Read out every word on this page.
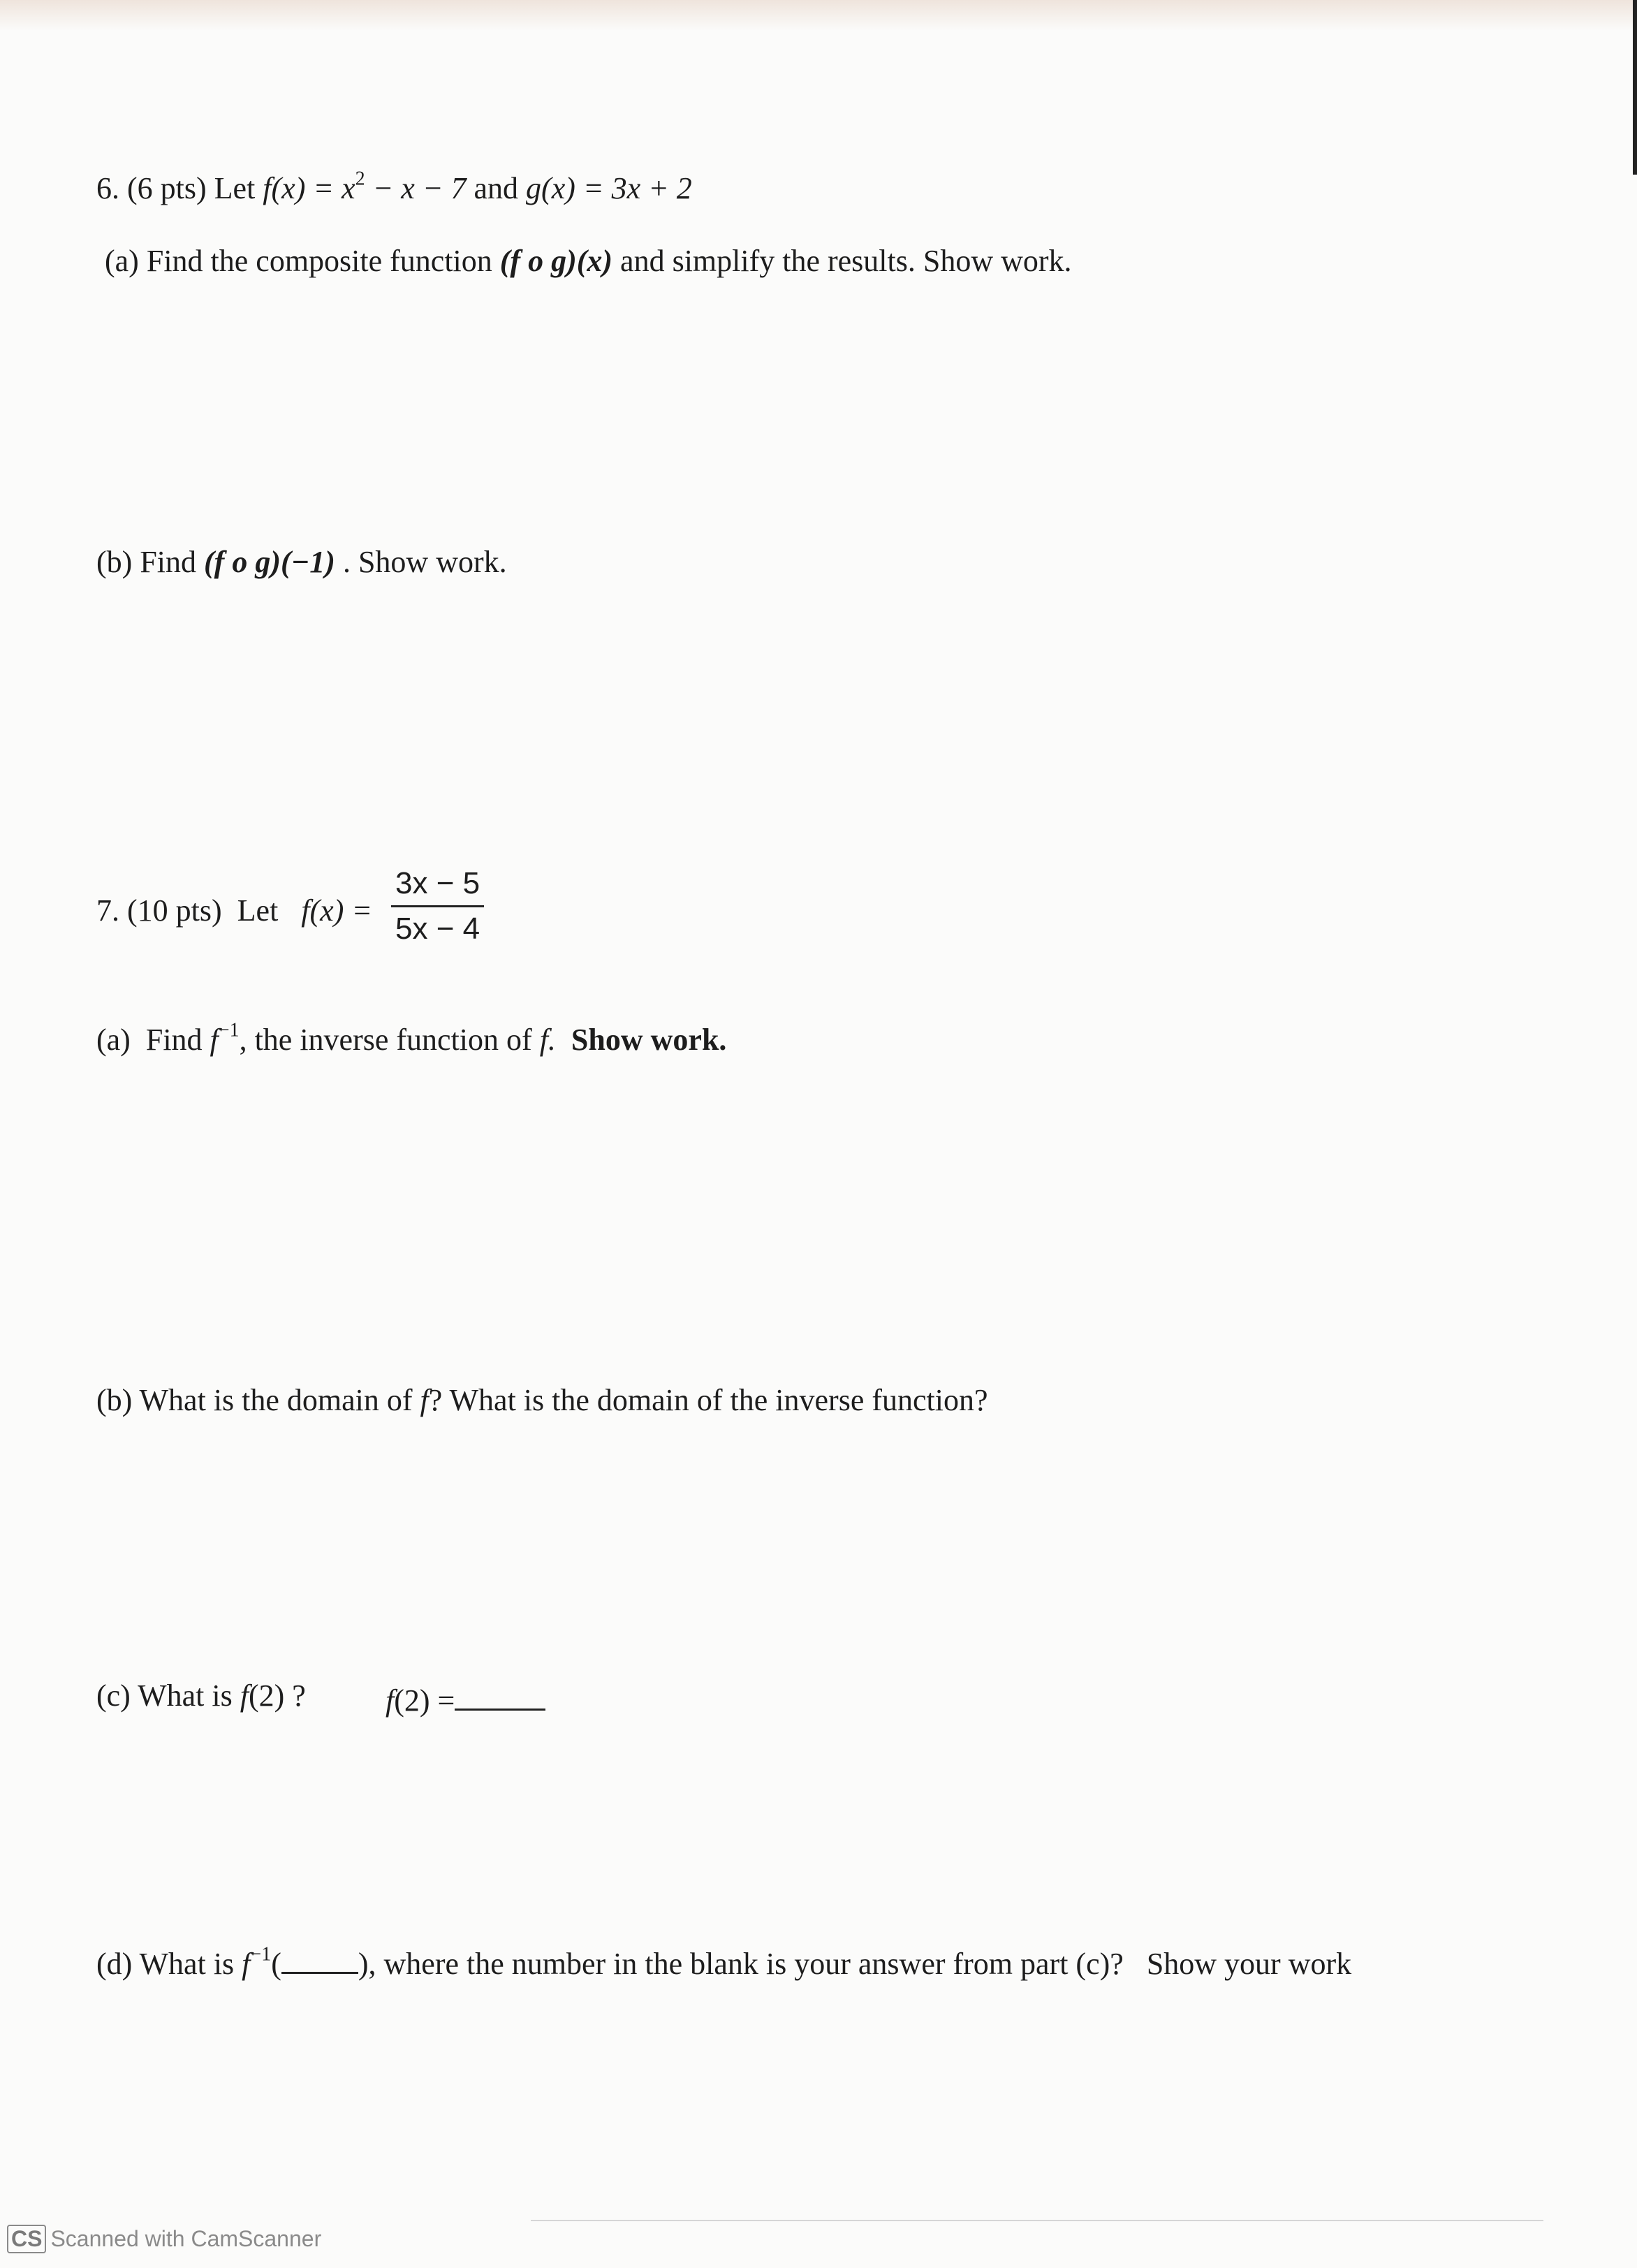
6. (6 pts) Let $f(x) = x^2 - x - 7$ and g(x) = 3x + 2
(a) Find the composite function (f o g)(x) and simplify the results. Show work.
(b) Find (f o g)(−1) . Show work.
7. (10 pts) Let $f(x) = \frac{3x - 5}{5x - 4}$
(a) Find $f^{-1}$, the inverse function of f. Show work.
(b) What is the domain of f? What is the domain of the inverse function?
(c) What is f(2) ?	f(2) =
(d) What is $f^{-1}$(	), where the number in the blank is your answer from part (c)? Show your work
CS Scanned with CamScanner
